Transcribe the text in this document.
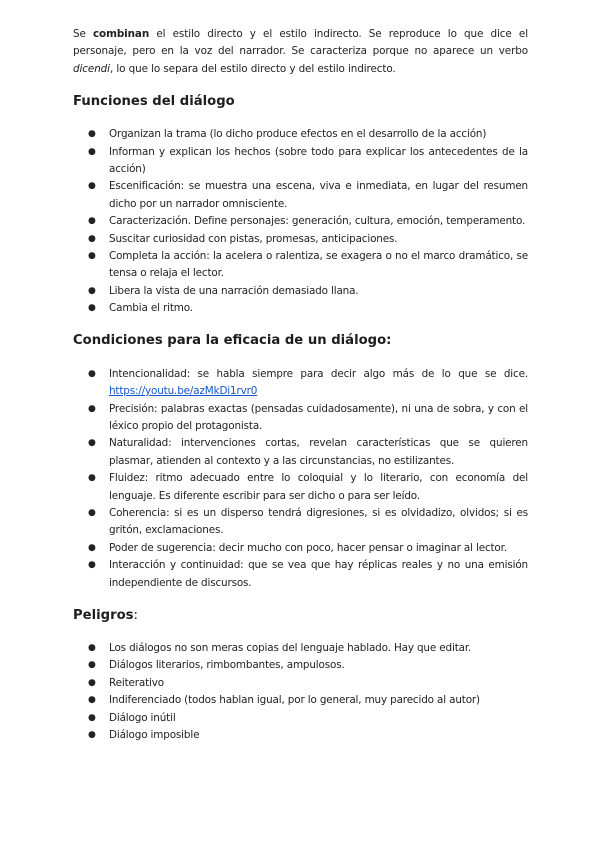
Se combinan el estilo directo y el estilo indirecto. Se reproduce lo que dice el personaje, pero en la voz del narrador. Se caracteriza porque no aparece un verbo dicendi, lo que lo separa del estilo directo y del estilo indirecto.

Funciones del diálogo
● Organizan la trama (lo dicho produce efectos en el desarrollo de la acción)
● Informan y explican los hechos (sobre todo para explicar los antecedentes de la acción)
● Escenificación: se muestra una escena, viva e inmediata, en lugar del resumen dicho por un narrador omnisciente.
● Caracterización. Define personajes: generación, cultura, emoción, temperamento.
● Suscitar curiosidad con pistas, promesas, anticipaciones.
● Completa la acción: la acelera o ralentiza, se exagera o no el marco dramático, se tensa o relaja el lector.
● Libera la vista de una narración demasiado llana.
● Cambia el ritmo.
Condiciones para la eficacia de un diálogo:
● Intencionalidad: se habla siempre para decir algo más de lo que se dice. https://youtu.be/azMkDi1rvr0
● Precisión: palabras exactas (pensadas cuidadosamente), ni una de sobra, y con el léxico propio del protagonista.
● Naturalidad: intervenciones cortas, revelan características que se quieren plasmar, atienden al contexto y a las circunstancias, no estilizantes.
● Fluidez: ritmo adecuado entre lo coloquial y lo literario, con economía del lenguaje. Es diferente escribir para ser dicho o para ser leído.
● Coherencia: si es un disperso tendrá digresiones, si es olvidadizo, olvidos; si es gritón, exclamaciones.
● Poder de sugerencia: decir mucho con poco, hacer pensar o imaginar al lector.
● Interacción y continuidad: que se vea que hay réplicas reales y no una emisión independiente de discursos.
Peligros:
● Los diálogos no son meras copias del lenguaje hablado. Hay que editar.
● Diálogos literarios, rimbombantes, ampulosos.
● Reiterativo
● Indiferenciado (todos hablan igual, por lo general, muy parecido al autor)
● Diálogo inútil
● Diálogo imposible
